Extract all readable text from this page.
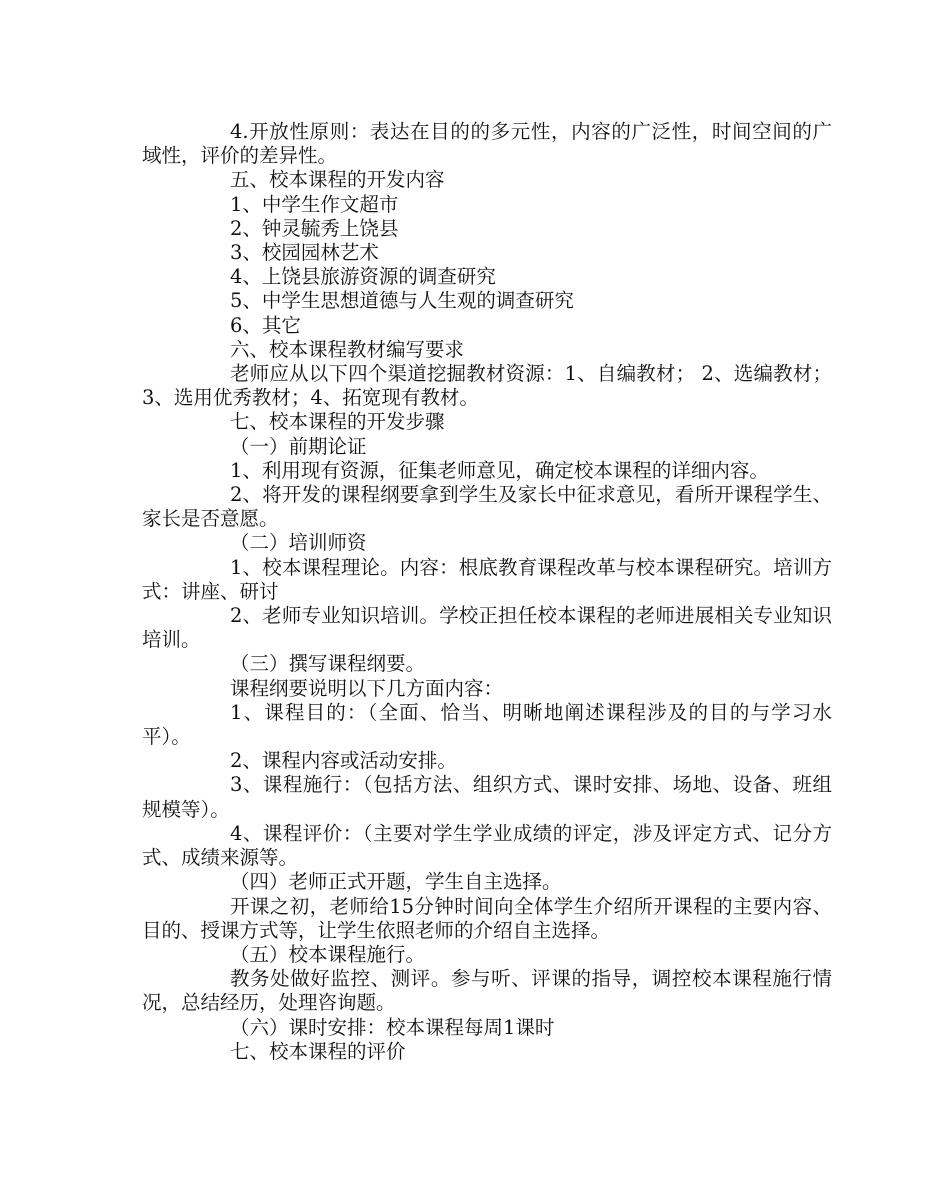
4.开放性原则：表达在目的的多元性，内容的广泛性，时间空间的广域性，评价的差异性。

五、校本课程的开发内容

1、中学生作文超市

2、钟灵毓秀上饶县

3、校园园林艺术

4、上饶县旅游资源的调查研究

5、中学生思想道德与人生观的调查研究

6、其它

六、校本课程教材编写要求

老师应从以下四个渠道挖掘教材资源：1、自编教材； 2、选编教材；3、选用优秀教材；4、拓宽现有教材。

七、校本课程的开发步骤

（一）前期论证

1、利用现有资源，征集老师意见，确定校本课程的详细内容。

2、将开发的课程纲要拿到学生及家长中征求意见，看所开课程学生、家长是否意愿。

（二）培训师资

1、校本课程理论。内容：根底教育课程改革与校本课程研究。培训方式：讲座、研讨

2、老师专业知识培训。学校正担任校本课程的老师进展相关专业知识培训。

（三）撰写课程纲要。

课程纲要说明以下几方面内容：

1、课程目的：（全面、恰当、明晰地阐述课程涉及的目的与学习水平）。

2、课程内容或活动安排。

3、课程施行：（包括方法、组织方式、课时安排、场地、设备、班组规模等）。

4、课程评价：（主要对学生学业成绩的评定，涉及评定方式、记分方式、成绩来源等。

（四）老师正式开题，学生自主选择。

开课之初，老师给15分钟时间向全体学生介绍所开课程的主要内容、目的、授课方式等，让学生依照老师的介绍自主选择。

（五）校本课程施行。

教务处做好监控、测评。参与听、评课的指导，调控校本课程施行情况，总结经历，处理咨询题。

（六）课时安排：校本课程每周1课时

七、校本课程的评价
